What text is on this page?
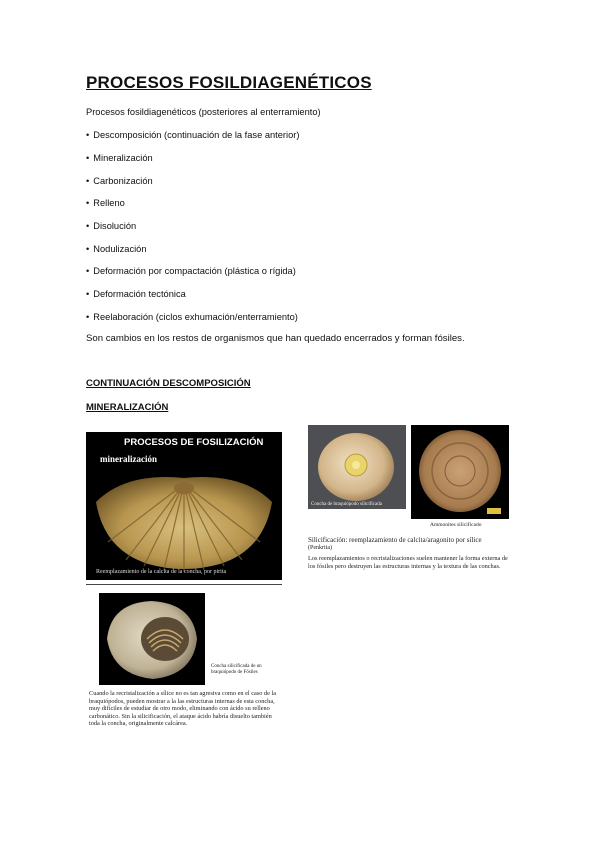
PROCESOS FOSILDIAGENÉTICOS
Procesos fosildiagenéticos (posteriores al enterramiento)
• Descomposición (continuación de la fase anterior)
• Mineralización
• Carbonización
• Relleno
• Disolución
• Nodulización
• Deformación por compactación (plástica o rígida)
• Deformación tectónica
• Reelaboración (ciclos exhumación/enterramiento)
Son cambios en los restos de organismos que han quedado encerrados y forman fósiles.
CONTINUACIÓN DESCOMPOSICIÓN
MINERALIZACIÓN
PROCESOS DE FOSILIZACIÓN
mineralización
Reemplazamiento de la calcita de la concha, por pirita
Concha de braquiópodo silicificada
Ammonites silicificado
Silicificación: reemplazamiento de calcita/aragonito por sílice
(Penkrita)
Los reemplazamientos o recristalizaciones suelen mantener la forma externa de los fósiles pero destruyen las estructuras internas y la textura de las conchas.
Concha silicificada de un braquiópodo de Fósiles
Cuando la recristalización a sílice no es tan agresiva como en el caso de la braquiópodos, pueden mostrar a la las estructuras internas de esta concha, muy difíciles de estudiar de otro modo, eliminando con ácido su relleno carbonático. Sin la silicificación, el ataque ácido habría disuelto también toda la concha, originalmente calcárea.
